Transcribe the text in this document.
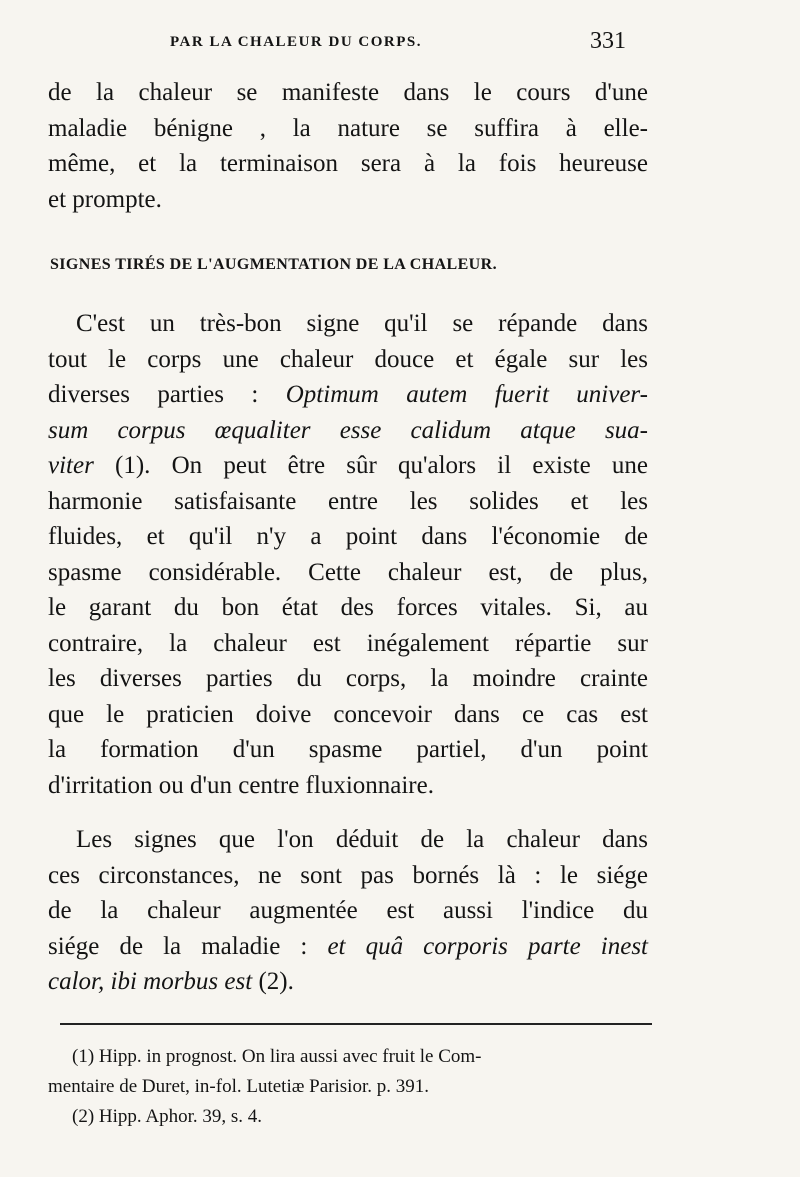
PAR LA CHALEUR DU CORPS.	331
de la chaleur se manifeste dans le cours d'une
maladie bénigne , la nature se suffira à elle-
même, et la terminaison sera à la fois heureuse
et prompte.
SIGNES TIRÉS DE L'AUGMENTATION DE LA CHALEUR.
C'est un très-bon signe qu'il se répande dans
tout le corps une chaleur douce et égale sur les
diverses parties : Optimum autem fuerit univer-
sum corpus œqualiter esse calidum atque sua-
viter (1). On peut être sûr qu'alors il existe une
harmonie satisfaisante entre les solides et les
fluides, et qu'il n'y a point dans l'économie de
spasme considérable. Cette chaleur est, de plus,
le garant du bon état des forces vitales. Si, au
contraire, la chaleur est inégalement répartie sur
les diverses parties du corps, la moindre crainte
que le praticien doive concevoir dans ce cas est
la formation d'un spasme partiel, d'un point
d'irritation ou d'un centre fluxionnaire.
Les signes que l'on déduit de la chaleur dans
ces circonstances, ne sont pas bornés là : le siége
de la chaleur augmentée est aussi l'indice du
siége de la maladie : et quâ corporis parte inest
calor, ibi morbus est (2).
(1) Hipp. in prognost. On lira aussi avec fruit le Com-
mentaire de Duret, in-fol. Lutetiæ Parisior. p. 391.
(2) Hipp. Aphor. 39, s. 4.
